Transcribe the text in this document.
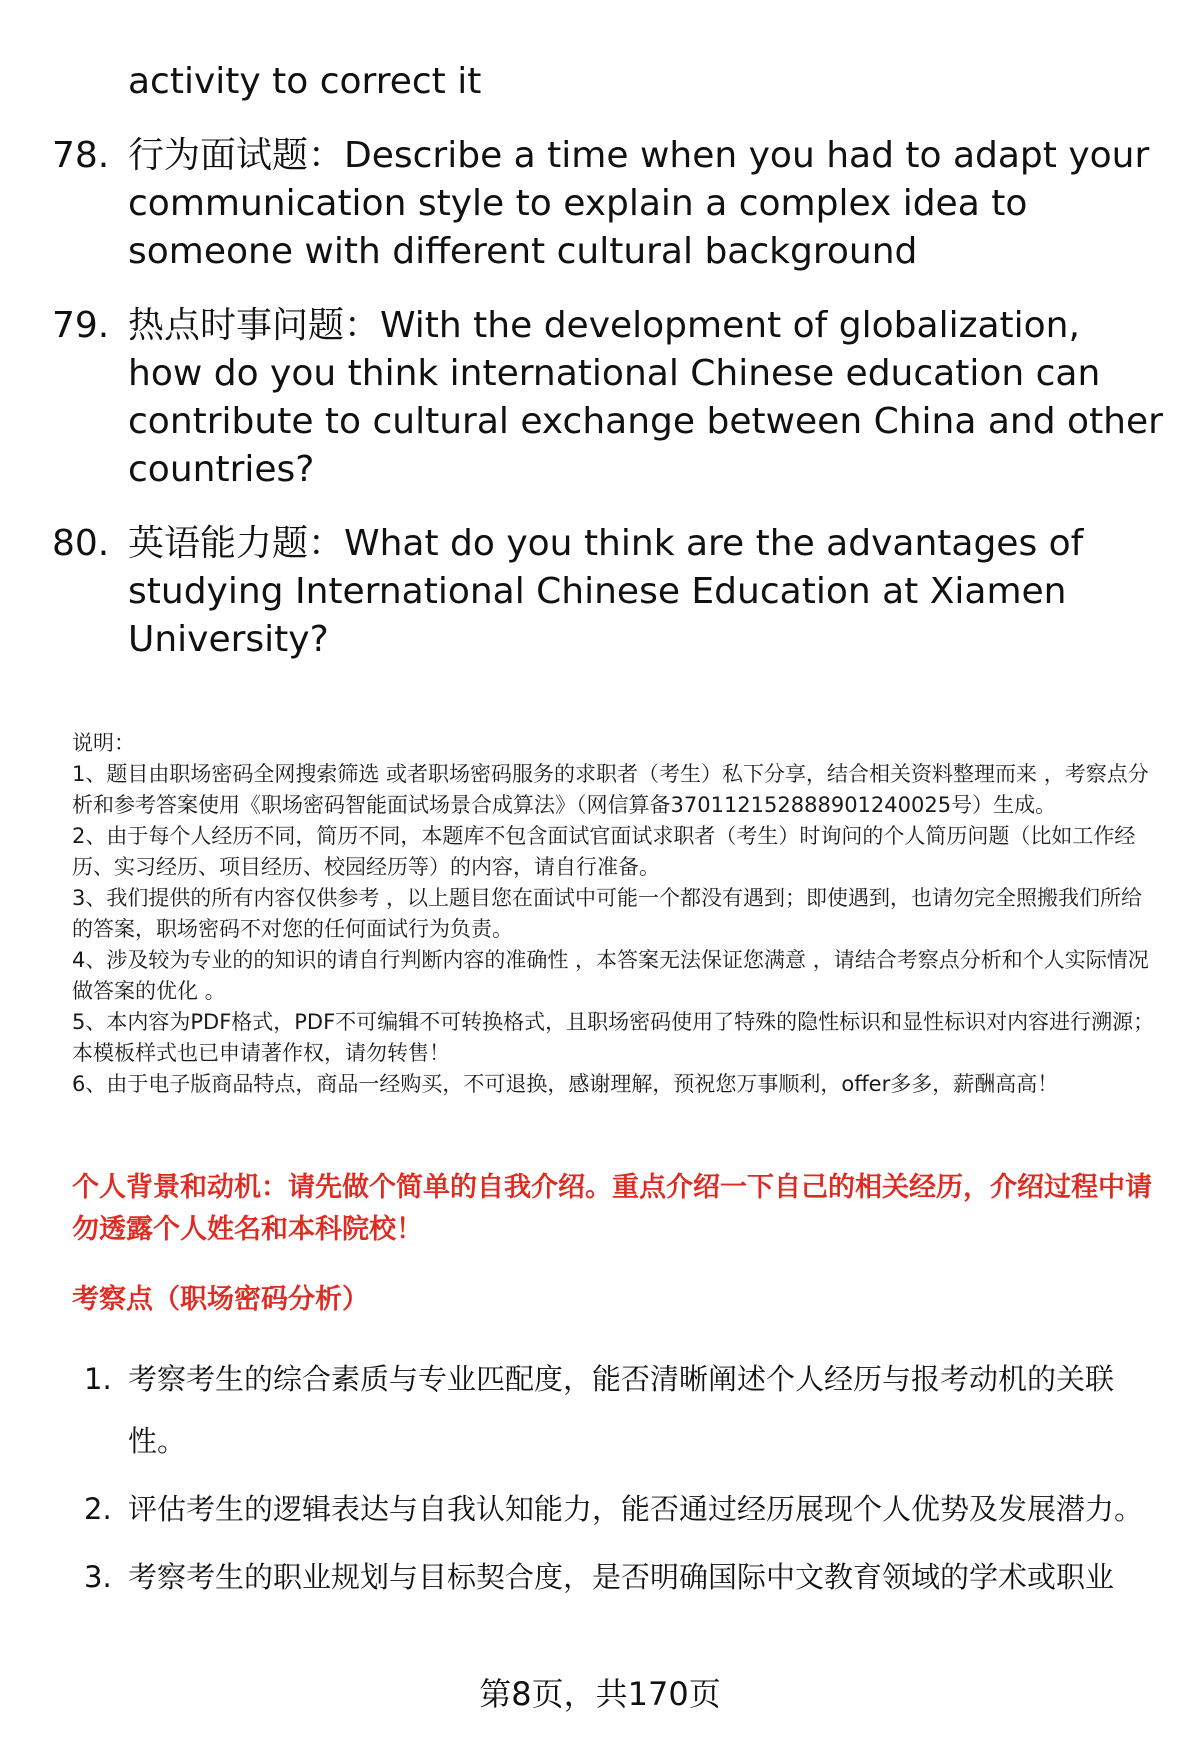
activity to correct it
78. 行为面试题：Describe a time when you had to adapt your communication style to explain a complex idea to someone with different cultural background
79. 热点时事问题：With the development of globalization, how do you think international Chinese education can contribute to cultural exchange between China and other countries?
80. 英语能力题：What do you think are the advantages of studying International Chinese Education at Xiamen University?

说明：

1、题目由职场密码全网搜索筛选 或者职场密码服务的求职者（考生）私下分享，结合相关资料整理而来 ，考察点分析和参考答案使用《职场密码智能面试场景合成算法》（网信算备370112152888901240025号）生成。

2、由于每个人经历不同，简历不同，本题库不包含面试官面试求职者（考生）时询问的个人简历问题（比如工作经历、实习经历、项目经历、校园经历等）的内容，请自行准备。

3、我们提供的所有内容仅供参考 ，以上题目您在面试中可能一个都没有遇到；即使遇到，也请勿完全照搬我们所给的答案，职场密码不对您的任何面试行为负责。

4、涉及较为专业的的知识的请自行判断内容的准确性 ，本答案无法保证您满意 ，请结合考察点分析和个人实际情况做答案的优化 。

5、本内容为PDF格式，PDF不可编辑不可转换格式，且职场密码使用了特殊的隐性标识和显性标识对内容进行溯源；本模板样式也已申请著作权，请勿转售！

6、由于电子版商品特点，商品一经购买，不可退换，感谢理解，预祝您万事顺利，offer多多，薪酬高高！

个人背景和动机：请先做个简单的自我介绍。重点介绍一下自己的相关经历，介绍过程中请勿透露个人姓名和本科院校！
考察点（职场密码分析）
1. 考察考生的综合素质与专业匹配度，能否清晰阐述个人经历与报考动机的关联性。
2. 评估考生的逻辑表达与自我认知能力，能否通过经历展现个人优势及发展潜力。
3. 考察考生的职业规划与目标契合度，是否明确国际中文教育领域的学术或职业
第8页，共170页
